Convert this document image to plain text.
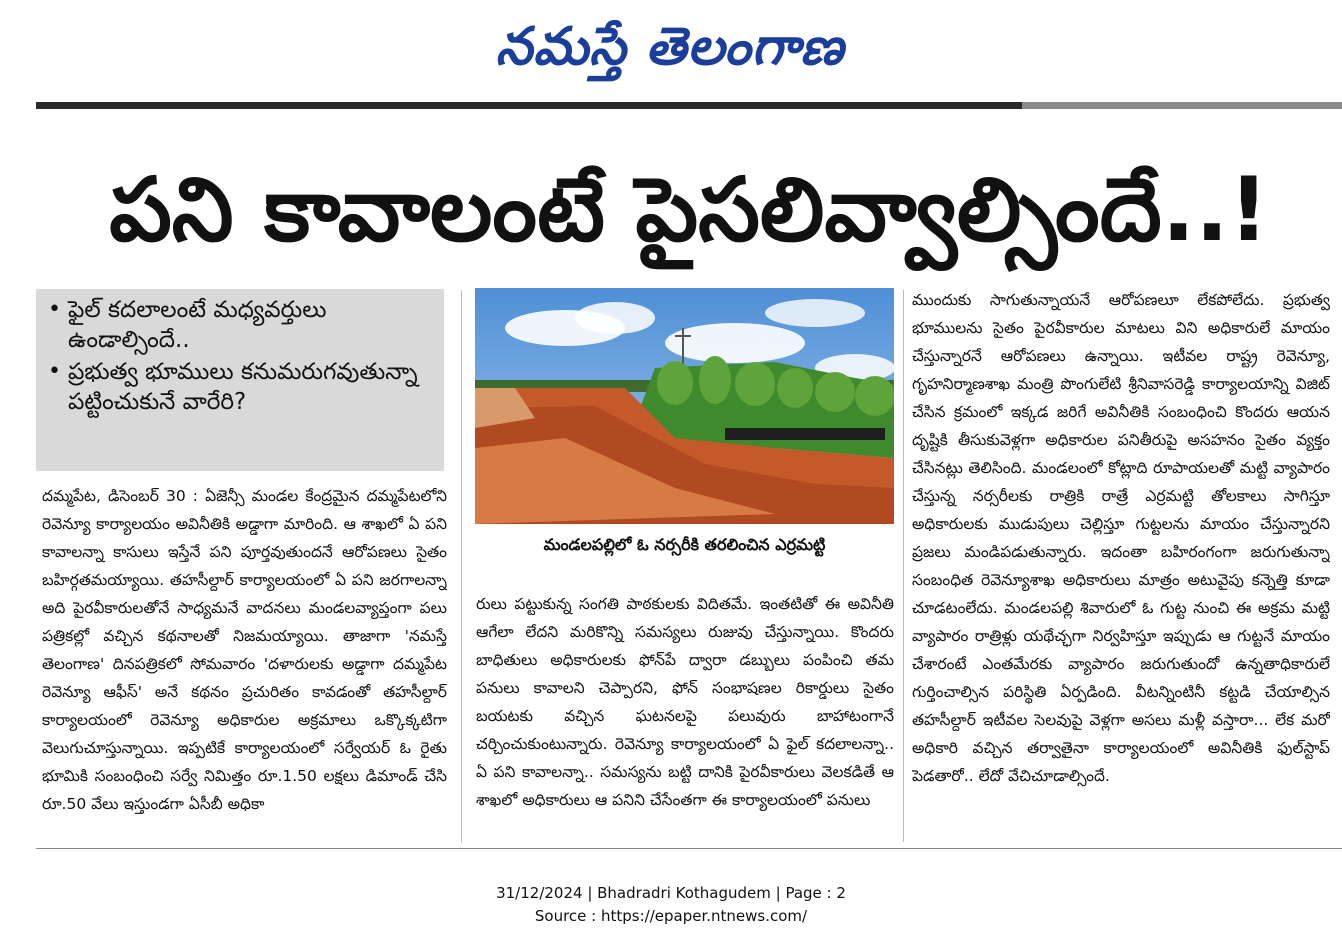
నమస్తే తెలంగాణ
పని కావాలంటే పైసలివ్వాల్సిందే..!
• ఫైల్ కదలాలంటే మధ్యవర్తులు ఉండాల్సిందే..
• ప్రభుత్వ భూములు కనుమరుగవుతున్నా పట్టించుకునే వారేరి?
మండలపల్లిలో ఓ నర్సరీకి తరలించిన ఎర్రమట్టి

దమ్మపేట, డిసెంబర్ 30 : ఏజెన్సీ మండల కేంద్రమైన దమ్మపేటలోని రెవెన్యూ కార్యాలయం అవినీతికి అడ్డాగా మారింది. ఆ శాఖలో ఏ పని కావాలన్నా కాసులు ఇస్తేనే పని పూర్తవుతుందనే ఆరోపణలు సైతం బహిర్గతమయ్యాయి. తహసీల్దార్ కార్యాలయంలో ఏ పని జరగాలన్నా అది పైరవీకారులతోనే సాధ్యమనే వాదనలు మండలవ్యాప్తంగా పలు పత్రికల్లో వచ్చిన కథనాలతో నిజమయ్యాయి. తాజాగా 'నమస్తే తెలంగాణ' దినపత్రికలో సోమవారం 'దళారులకు అడ్డాగా దమ్మపేట రెవెన్యూ ఆఫీస్' అనే కథనం ప్రచురితం కావడంతో తహసీల్దార్ కార్యాలయంలో రెవెన్యూ అధికారుల అక్రమాలు ఒక్కొక్కటిగా వెలుగుచూస్తున్నాయి. ఇప్పటికే కార్యాలయంలో సర్వేయర్ ఓ రైతు భూమికి సంబంధించి సర్వే నిమిత్తం రూ.1.50 లక్షలు డిమాండ్ చేసి రూ.50 వేలు ఇస్తుండగా ఏసీబీ అధికా

రులు పట్టుకున్న సంగతి పాఠకులకు విదితమే. ఇంతటితో ఈ అవినీతి ఆగేలా లేదని మరికొన్ని సమస్యలు రుజువు చేస్తున్నాయి. కొందరు బాధితులు అధికారులకు ఫోన్‌పే ద్వారా డబ్బులు పంపించి తమ పనులు కావాలని చెప్పారని, ఫోన్ సంభాషణల రికార్డులు సైతం బయటకు వచ్చిన ఘటనలపై పలువురు బాహాటంగానే చర్చించుకుంటున్నారు. రెవెన్యూ కార్యాలయంలో ఏ ఫైల్ కదలాలన్నా.. ఏ పని కావాలన్నా.. సమస్యను బట్టి దానికి పైరవీకారులు వెలకడితే ఆ శాఖలో అధికారులు ఆ పనిని చేసేంతగా ఈ కార్యాలయంలో పనులు

ముందుకు సాగుతున్నాయనే ఆరోపణలూ లేకపోలేదు. ప్రభుత్వ భూములను సైతం పైరవీకారుల మాటలు విని అధికారులే మాయం చేస్తున్నారనే ఆరోపణలు ఉన్నాయి. ఇటీవల రాష్ట్ర రెవెన్యూ, గృహనిర్మాణశాఖ మంత్రి పొంగులేటి శ్రీనివాసరెడ్డి కార్యాలయాన్ని విజిట్ చేసిన క్రమంలో ఇక్కడ జరిగే అవినీతికి సంబంధించి కొందరు ఆయన దృష్టికి తీసుకువెళ్లగా అధికారుల పనితీరుపై అసహనం సైతం వ్యక్తం చేసినట్లు తెలిసింది. మండలంలో కోట్లాది రూపాయలతో మట్టి వ్యాపారం చేస్తున్న నర్సరీలకు రాత్రికి రాత్రే ఎర్రమట్టి తోలకాలు సాగిస్తూ అధికారులకు ముడుపులు చెల్లిస్తూ గుట్టలను మాయం చేస్తున్నారని ప్రజలు మండిపడుతున్నారు. ఇదంతా బహిరంగంగా జరుగుతున్నా సంబంధిత రెవెన్యూశాఖ అధికారులు మాత్రం అటువైపు కన్నెత్తి కూడా చూడటంలేదు. మండలపల్లి శివారులో ఓ గుట్ట నుంచి ఈ అక్రమ మట్టి వ్యాపారం రాత్రిళ్లు యథేచ్ఛగా నిర్వహిస్తూ ఇప్పుడు ఆ గుట్టనే మాయం చేశారంటే ఎంతమేరకు వ్యాపారం జరుగుతుందో ఉన్నతాధికారులే గుర్తించాల్సిన పరిస్థితి ఏర్పడింది. వీటన్నింటినీ కట్టడి చేయాల్సిన తహసీల్దార్ ఇటీవల సెలవుపై వెళ్లగా అసలు మళ్లీ వస్తారా... లేక మరో అధికారి వచ్చిన తర్వాతైనా కార్యాలయంలో అవినీతికి ఫుల్‌స్టాప్ పెడతారో.. లేదో వేచిచూడాల్సిందే.

31/12/2024 | Bhadradri Kothagudem | Page : 2
Source : https://epaper.ntnews.com/
